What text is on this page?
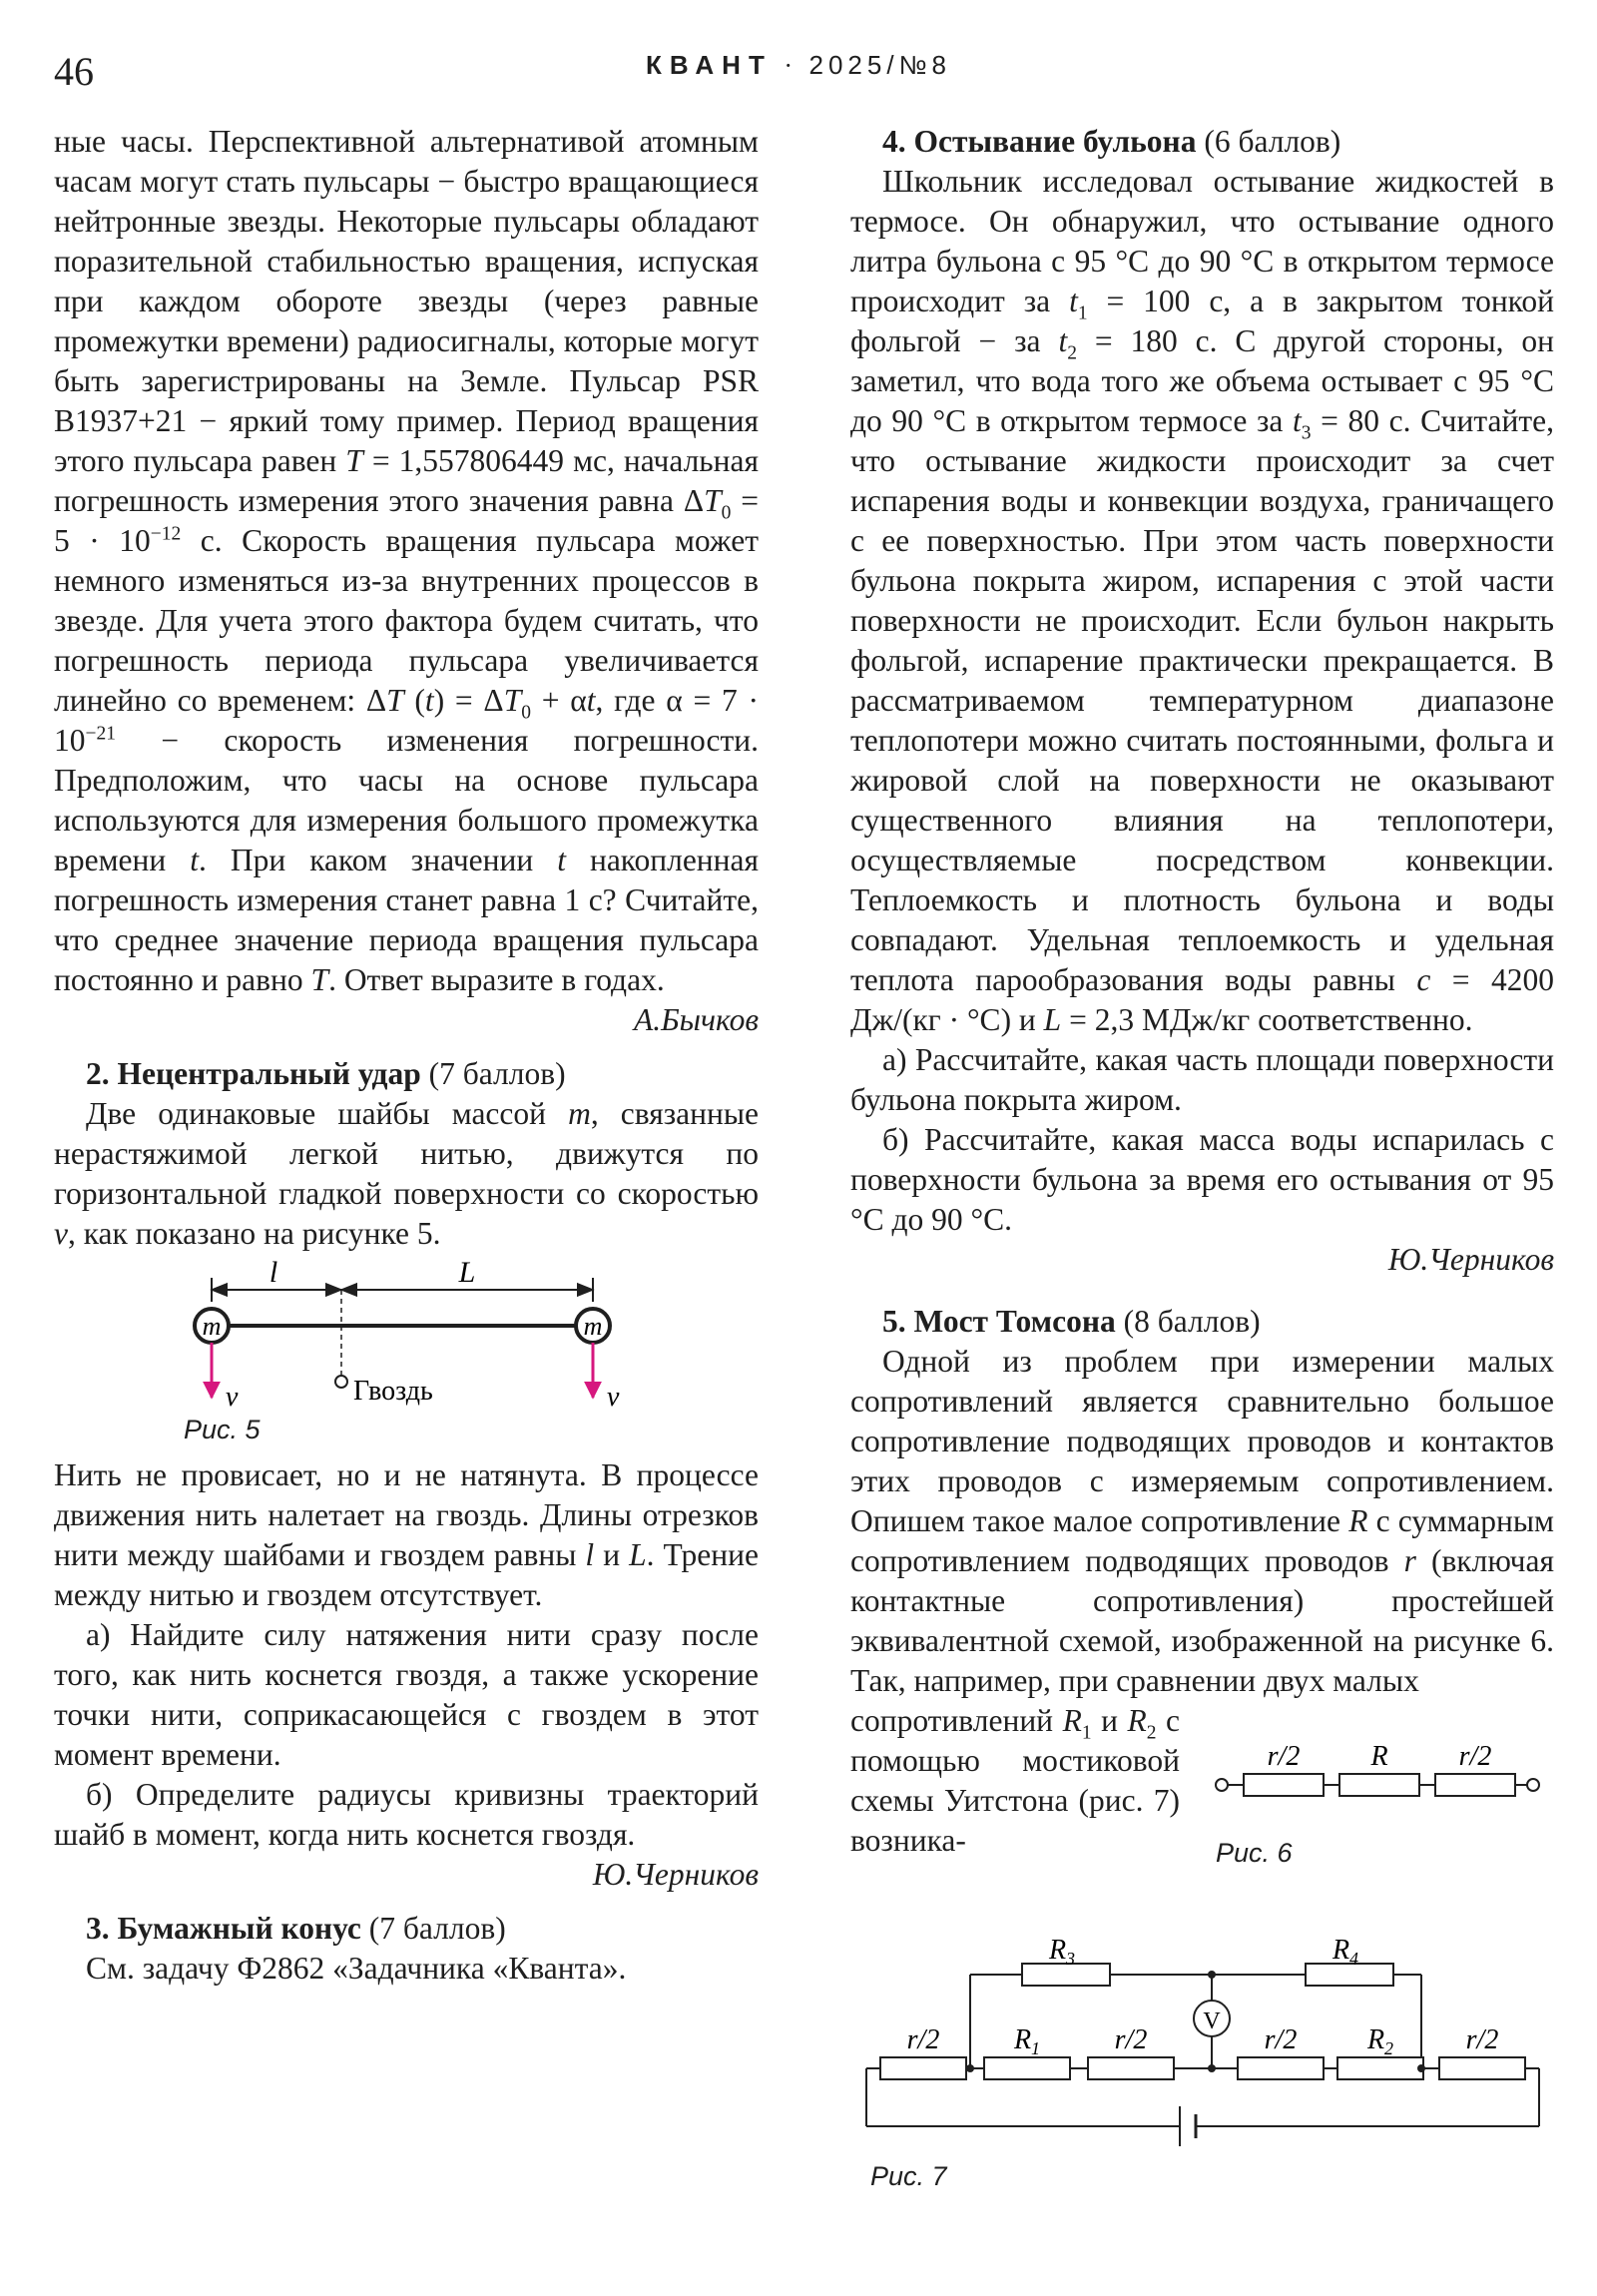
46	КВАНТ · 2025/№8

ные часы. Перспективной альтернативой атомным часам могут стать пульсары − быстро вращающиеся нейтронные звезды. Некоторые пульсары обладают поразительной стабильностью вращения, испуская при каждом обороте звезды (через равные промежутки времени) радиосигналы, которые могут быть зарегистрированы на Земле. Пульсар PSR B1937+21 − яркий тому пример. Период вращения этого пульсара равен T = 1,557806449 мс, начальная погрешность измерения этого значения равна $\Delta T_0 = 5 \cdot 10^{-12}$ с. Скорость вращения пульсара может немного изменяться из-за внутренних процессов в звезде. Для учета этого фактора будем считать, что погрешность периода пульсара увеличивается линейно со временем: ΔT $(t) = \Delta T_0 + \alpha t$, где $\alpha = 7 \cdot 10^{-21}$ − скорость изменения погрешности. Предположим, что часы на основе пульсара используются для измерения большого промежутка времени t. При каком значении t накопленная погрешность измерения станет равна 1 с? Считайте, что среднее значение периода вращения пульсара постоянно и равно T. Ответ выразите в годах.

А.Бычков

2. Нецентральный удар (7 баллов)

Две одинаковые шайбы массой m, связанные нерастяжимой легкой нитью, движутся по горизонтальной гладкой поверхности со скоростью v, как показано на рисунке 5.

l	L
m	m
v	v
Гвоздь
Рис. 5

Нить не провисает, но и не натянута. В процессе движения нить налетает на гвоздь. Длины отрезков нити между шайбами и гвоздем равны l и L. Трение между нитью и гвоздем отсутствует.

а) Найдите силу натяжения нити сразу после того, как нить коснется гвоздя, а также ускорение точки нити, соприкасающейся с гвоздем в этот момент времени.

б) Определите радиусы кривизны траекторий шайб в момент, когда нить коснется гвоздя.

Ю.Черников

3. Бумажный конус (7 баллов)

См. задачу Ф2862 «Задачника «Кванта».

4. Остывание бульона (6 баллов)

Школьник исследовал остывание жидкостей в термосе. Он обнаружил, что остывание одного литра бульона с 95 °C до 90 °C в открытом термосе происходит за $t_1 = 100$ с, а в закрытом тонкой фольгой − за $t_2 = 180$ с. С другой стороны, он заметил, что вода того же объема остывает с 95 °C до 90 °C в открытом термосе за $t_3 = 80$ с. Считайте, что остывание жидкости происходит за счет испарения воды и конвекции воздуха, граничащего с ее поверхностью. При этом часть поверхности бульона покрыта жиром, испарения с этой части поверхности не происходит. Если бульон накрыть фольгой, испарение практически прекращается. В рассматриваемом температурном диапазоне теплопотери можно считать постоянными, фольга и жировой слой на поверхности не оказывают существенного влияния на теплопотери, осуществляемые посредством конвекции. Теплоемкость и плотность бульона и воды совпадают. Удельная теплоемкость и удельная теплота парообразования воды равны c = 4200 Дж/(кг · °C) и L = 2,3 МДж/кг соответственно.

а) Рассчитайте, какая часть площади поверхности бульона покрыта жиром.

б) Рассчитайте, какая масса воды испарилась с поверхности бульона за время его остывания от 95 °C до 90 °C.

Ю.Черников

5. Мост Томсона (8 баллов)

Одной из проблем при измерении малых сопротивлений является сравнительно большое сопротивление подводящих проводов и контактов этих проводов с измеряемым сопротивлением. Опишем такое малое сопротивление R с суммарным сопротивлением подводящих проводов r (включая контактные сопротивления) простейшей эквивалентной схемой, изображенной на рисунке 6. Так, например, при сравнении двух малых

сопротивлений $R_1$ и $R_2$ с помощью мостиковой схемы Уитстона (рис. 7) возника-

r/2	R	r/2
Рис. 6
$R_3$	$R_4$
V
r/2	$R_1$	r/2	r/2	$R_2$	r/2
Рис. 7
